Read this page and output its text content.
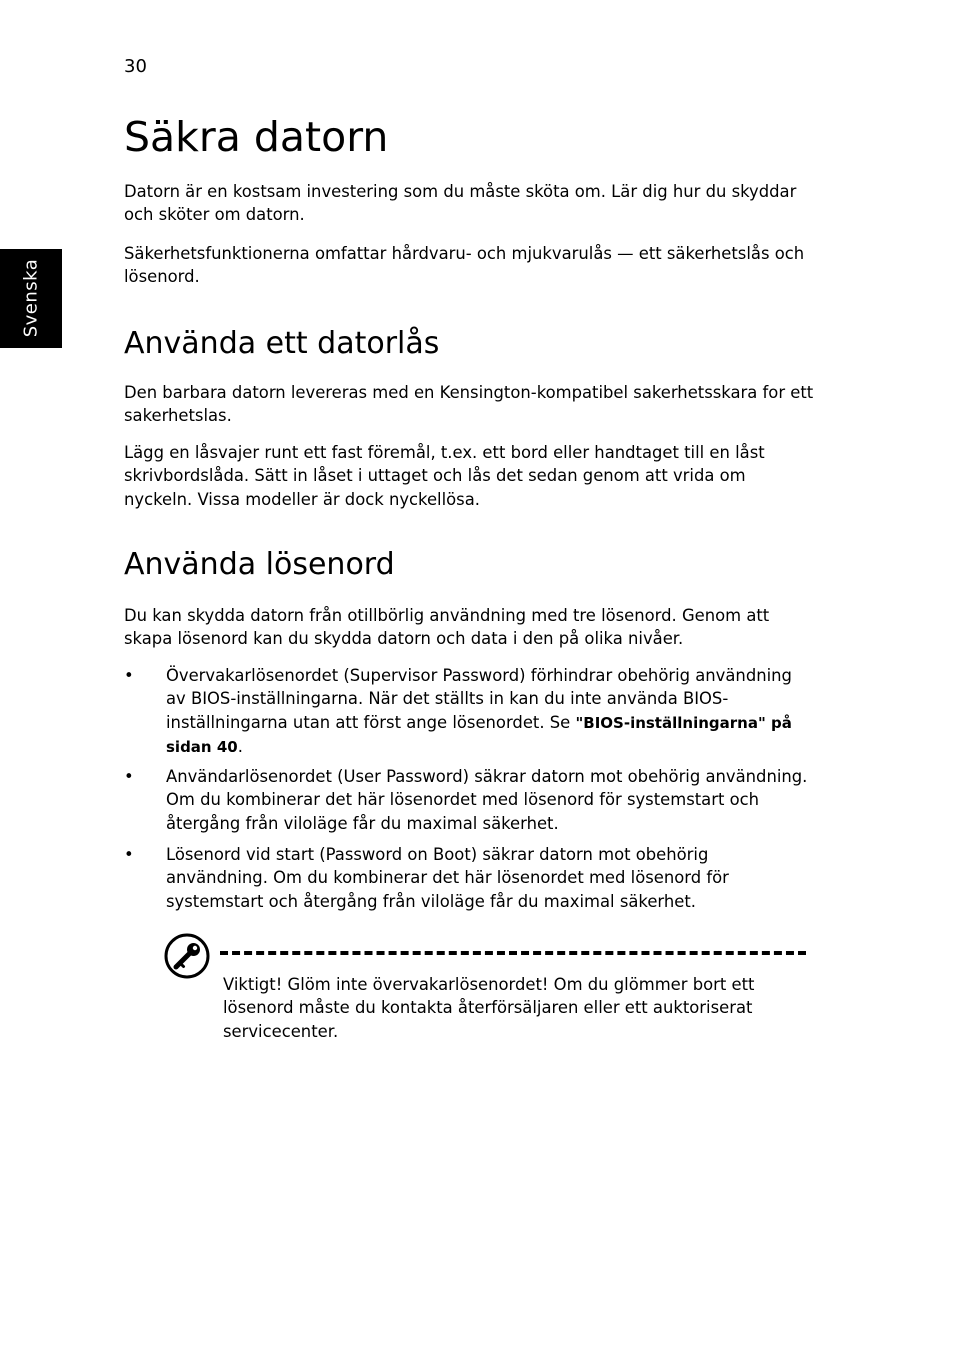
30
Svenska
Säkra datorn

Datorn är en kostsam investering som du måste sköta om. Lär dig hur du skyddar och sköter om datorn.

Säkerhetsfunktionerna omfattar hårdvaru- och mjukvarulås — ett säkerhetslås och lösenord.

Använda ett datorlås

Den barbara datorn levereras med en Kensington-kompatibel sakerhetsskara for ett sakerhetslas.

Lägg en låsvajer runt ett fast föremål, t.ex. ett bord eller handtaget till en låst skrivbordslåda. Sätt in låset i uttaget och lås det sedan genom att vrida om nyckeln. Vissa modeller är dock nyckellösa.

Använda lösenord

Du kan skydda datorn från otillbörlig användning med tre lösenord. Genom att skapa lösenord kan du skydda datorn och data i den på olika nivåer.

• Övervakarlösenordet (Supervisor Password) förhindrar obehörig användning av BIOS-inställningarna. När det ställts in kan du inte använda BIOS-inställningarna utan att först ange lösenordet. Se "BIOS-inställningarna" på sidan 40.
• Användarlösenordet (User Password) säkrar datorn mot obehörig användning. Om du kombinerar det här lösenordet med lösenord för systemstart och återgång från viloläge får du maximal säkerhet.
• Lösenord vid start (Password on Boot) säkrar datorn mot obehörig användning. Om du kombinerar det här lösenordet med lösenord för systemstart och återgång från viloläge får du maximal säkerhet.

Viktigt! Glöm inte övervakarlösenordet! Om du glömmer bort ett lösenord måste du kontakta återförsäljaren eller ett auktoriserat servicecenter.
